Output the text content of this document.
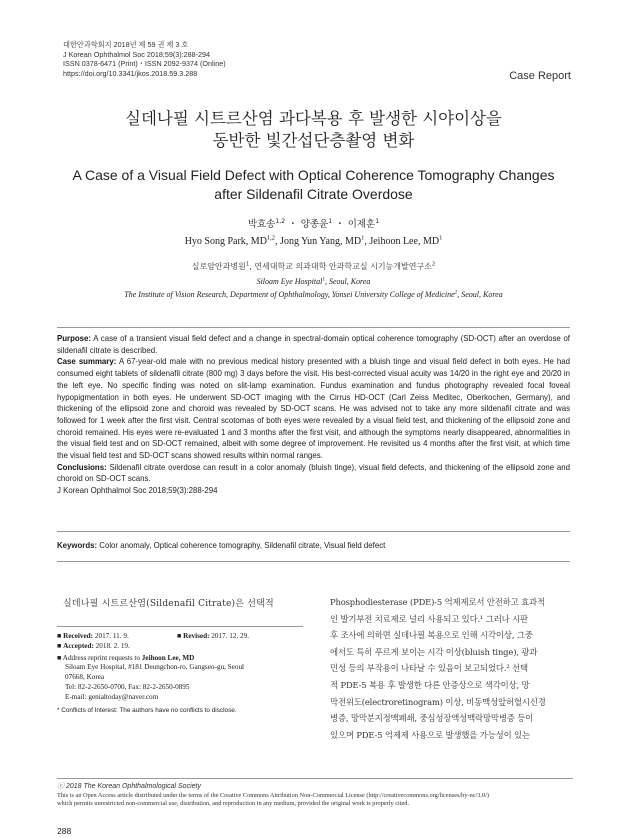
대한안과학회지 2018년 제 59 권 제 3 호
J Korean Ophthalmol Soc 2018;59(3):288-294
ISSN 0378-6471 (Print)・ISSN 2092-9374 (Online)
https://doi.org/10.3341/jkos.2018.59.3.288	Case Report
실데나필 시트르산염 과다복용 후 발생한 시야이상을
동반한 빛간섭단층촬영 변화
A Case of a Visual Field Defect with Optical Coherence Tomography Changes
after Sildenafil Citrate Overdose
박효송$^{1,2}$ ・ 양종윤$^1$ ・ 이제훈$^1$
Hyo Song Park, MD$^{1,2}$, Jong Yun Yang, $MD^1$, Jeihoon Lee, $MD^1$
실로암안과병원$^1$, 연세대학교 의과대학 안과학교실 시기능개발연구소$^2$
Siloam Eye Hospital$^1$, Seoul, Korea
The Institute of Vision Research, Department of Ophthalmology, Yonsei University College of Medicine$^2$, Seoul, Korea

Purpose: A case of a transient visual field defect and a change in spectral-domain optical coherence tomography (SD-OCT) after an overdose of sildenafil citrate is described.

Case summary: A 67-year-old male with no previous medical history presented with a bluish tinge and visual field defect in both eyes. He had consumed eight tablets of sildenafil citrate (800 mg) 3 days before the visit. His best-corrected visual acuity was 14/20 in the right eye and 20/20 in the left eye. No specific finding was noted on slit-lamp examination. Fundus examination and fundus photography revealed focal foveal hypopigmentation in both eyes. He underwent SD-OCT imaging with the Cirrus HD-OCT (Carl Zeiss Meditec, Oberkochen, Germany), and thickening of the ellipsoid zone and choroid was revealed by SD-OCT scans. He was advised not to take any more sildenafil citrate and was followed for 1 week after the first visit. Central scotomas of both eyes were revealed by a visual field test, and thickening of the ellipsoid zone and choroid remained. His eyes were re-evaluated 1 and 3 months after the first visit, and although the symptoms nearly disappeared, abnormalities in the visual field test and on SD-OCT remained, albeit with some degree of improvement. He revisited us 4 months after the first visit, at which time the visual field test and SD-OCT scans showed results within normal ranges.

Conclusions: Sildenafil citrate overdose can result in a color anomaly (bluish tinge), visual field defects, and thickening of the ellipsoid zone and choroid on SD-OCT scans.

J Korean Ophthalmol Soc 2018;59(3):288-294

Keywords: Color anomaly, Optical coherence tomography, Sildenafil citrate, Visual field defect
실데나필 시트르산염(Sildenafil Citrate)은 선택적
■ Received: 2017. 11. 9.	■ Revised: 2017. 12. 29.
■ Accepted: 2018. 2. 19.
■ Address reprint requests to Jeihoon Lee, MD
Siloam Eye Hospital, #181 Deungchon-ro, Gangseo-gu, Seoul
07668, Korea
Tel: 82-2-2650-0700, Fax: 82-2-2650-0895
E-mail: genialtoday@naver.com
* Conflicts of Interest: The authors have no conflicts to disclose.
Phosphodiesterase (PDE)-5 억제제로서 안전하고 효과적
인 발기부전 치료제로 널리 사용되고 있다.¹ 그러나 시판
후 조사에 의하면 실데나필 복용으로 인해 시각이상, 그중
에서도 특히 푸르게 보이는 시각 이상(bluish tinge), 광과
민성 등의 부작용이 나타날 수 있음이 보고되었다.² 선택
적 PDE-5 복용 후 발생한 다른 안증상으로 색각이상, 망
막전위도(electroretinogram) 이상, 비동맥성앞허혈시신경
병증, 망막분지정맥폐쇄, 중심성장액성맥락망막병증 등이
있으며 PDE-5 억제제 사용으로 발생했을 가능성이 있는
ⓒ 2018 The Korean Ophthalmological Society
This is an Open Access article distributed under the terms of the Creative Commons Attribution Non-Commercial License (http://creativecommons.org/licenses/by-nc/3.0/)
which permits unrestricted non-commercial use, distribution, and reproduction in any medium, provided the original work is properly cited.
288
